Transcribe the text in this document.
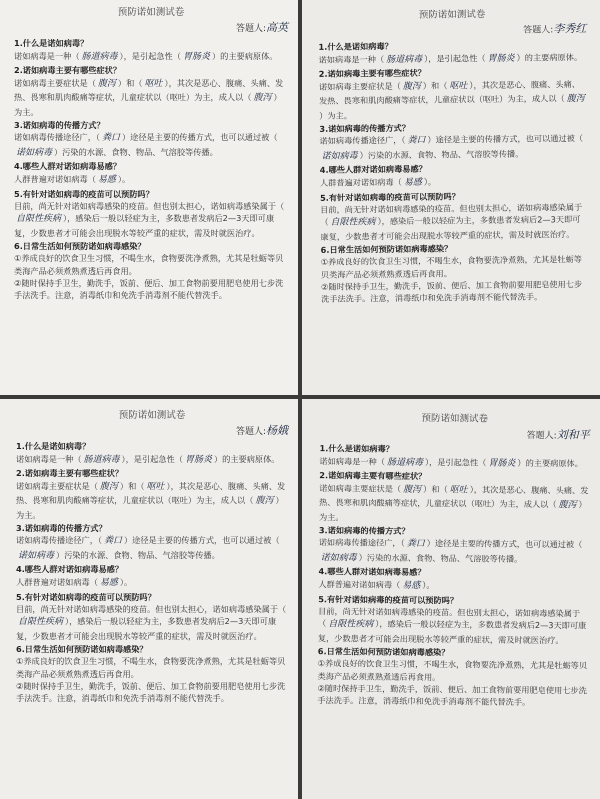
预防诺如测试卷

答题人:高英

1.什么是诺如病毒？

诺如病毒是一种（ 肠道病毒 ），是引起急性（ 胃肠炎 ）的主要病原体。

2.诺如病毒主要有哪些症状？

诺如病毒主要症状是（ 腹泻 ）和（ 呕吐 ），其次是恶心、腹痛、头痛、发热、畏寒和肌肉酸痛等症状，儿童症状以（呕吐）为主，成人以（ 腹泻 ）为主。

3.诺如病毒的传播方式？

诺如病毒传播途径广，（ 粪口 ）途径是主要的传播方式，也可以通过被（诺如病毒 ）污染的水源、食物、物品、气溶胶等传播。

4.哪些人群对诺如病毒易感？

人群普遍对诺如病毒（ 易感 ）。

5.有针对诺如病毒的疫苗可以预防吗？

目前，尚无针对诺如病毒感染的疫苗。但也别太担心，诺如病毒感染属于（自限性疾病 ），感染后一般以轻症为主，多数患者发病后2—3天即可康复，少数患者才可能会出现脱水等较严重的症状，需及时就医治疗。

6.日常生活如何预防诺如病毒感染？

①养成良好的饮食卫生习惯，不喝生水，食物要洗净煮熟，尤其是牡蛎等贝类海产品必须煮熟煮透后再食用。

②随时保持手卫生，勤洗手，饭前、便后、加工食物前要用肥皂使用七步洗手法洗手。注意，消毒纸巾和免洗手消毒剂不能代替洗手。

预防诺如测试卷

答题人:李秀红

1.什么是诺如病毒？

诺如病毒是一种（ 肠道病毒 ），是引起急性（ 胃肠炎 ）的主要病原体。

2.诺如病毒主要有哪些症状？

诺如病毒主要症状是（ 腹泻 ）和（ 呕吐 ），其次是恶心、腹痛、头痛、发热、畏寒和肌肉酸痛等症状，儿童症状以（呕吐）为主，成人以（ 腹泻）为主。

3.诺如病毒的传播方式？

诺如病毒传播途径广，（ 粪口 ）途径是主要的传播方式，也可以通过被（诺如病毒 ）污染的水源、食物、物品、气溶胶等传播。

4.哪些人群对诺如病毒易感？

人群普遍对诺如病毒（ 易感 ）。

5.有针对诺如病毒的疫苗可以预防吗？

目前，尚无针对诺如病毒感染的疫苗。但也别太担心，诺如病毒感染属于（ 自限性疾病 ），感染后一般以轻症为主，多数患者发病后2—3天即可康复，少数患者才可能会出现脱水等较严重的症状，需及时就医治疗。

6.日常生活如何预防诺如病毒感染？

①养成良好的饮食卫生习惯，不喝生水，食物要洗净煮熟，尤其是牡蛎等贝类海产品必须煮熟煮透后再食用。

②随时保持手卫生，勤洗手，饭前、便后、加工食物前要用肥皂使用七步洗手法洗手。注意，消毒纸巾和免洗手消毒剂不能代替洗手。

预防诺如测试卷

答题人:杨娥

1.什么是诺如病毒？

诺如病毒是一种（ 肠道病毒 ），是引起急性（ 胃肠炎 ）的主要病原体。

2.诺如病毒主要有哪些症状？

诺如病毒主要症状是（ 腹泻 ）和（ 呕吐 ），其次是恶心、腹痛、头痛、发热、畏寒和肌肉酸痛等症状，儿童症状以（呕吐）为主，成人以（ 腹泻 ）为主。

3.诺如病毒的传播方式？

诺如病毒传播途径广，（ 粪口 ）途径是主要的传播方式，也可以通过被（诺如病毒 ）污染的水源、食物、物品、气溶胶等传播。

4.哪些人群对诺如病毒易感？

人群普遍对诺如病毒（ 易感 ）。

5.有针对诺如病毒的疫苗可以预防吗？

目前，尚无针对诺如病毒感染的疫苗。但也别太担心，诺如病毒感染属于（自限性疾病 ），感染后一般以轻症为主，多数患者发病后2—3天即可康复，少数患者才可能会出现脱水等较严重的症状，需及时就医治疗。

6.日常生活如何预防诺如病毒感染？

①养成良好的饮食卫生习惯，不喝生水，食物要洗净煮熟，尤其是牡蛎等贝类海产品必须煮熟煮透后再食用。

②随时保持手卫生，勤洗手，饭前、便后、加工食物前要用肥皂使用七步洗手法洗手。注意，消毒纸巾和免洗手消毒剂不能代替洗手。

预防诺如测试卷

答题人:刘和平

1.什么是诺如病毒？

诺如病毒是一种（ 肠道病毒 ），是引起急性（ 胃肠炎 ）的主要病原体。

2.诺如病毒主要有哪些症状？

诺如病毒主要症状是（ 腹泻 ）和（ 呕吐 ），其次是恶心、腹痛、头痛、发热、畏寒和肌肉酸痛等症状，儿童症状以（呕吐）为主，成人以（ 腹泻 ）为主。

3.诺如病毒的传播方式？

诺如病毒传播途径广，（ 粪口 ）途径是主要的传播方式，也可以通过被（诺如病毒 ）污染的水源、食物、物品、气溶胶等传播。

4.哪些人群对诺如病毒易感？

人群普遍对诺如病毒（ 易感 ）。

5.有针对诺如病毒的疫苗可以预防吗？

目前，尚无针对诺如病毒感染的疫苗。但也别太担心，诺如病毒感染属于（ 自限性疾病 ），感染后一般以轻症为主，多数患者发病后2—3天即可康复，少数患者才可能会出现脱水等较严重的症状，需及时就医治疗。

6.日常生活如何预防诺如病毒感染？

①养成良好的饮食卫生习惯，不喝生水，食物要洗净煮熟，尤其是牡蛎等贝类海产品必须煮熟煮透后再食用。

②随时保持手卫生，勤洗手，饭前、便后、加工食物前要用肥皂使用七步洗手法洗手。注意，消毒纸巾和免洗手消毒剂不能代替洗手。
